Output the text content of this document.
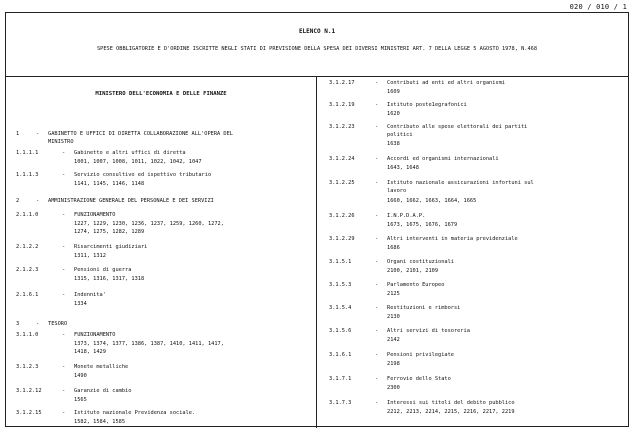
020 / 010 / 1
ELENCO N.1
SPESE OBBLIGATORIE E D'ORDINE ISCRITTE NEGLI STATI DI PREVISIONE DELLA SPESA DEI DIVERSI MINISTERI ART. 7 DELLA LEGGE 5 AGOSTO 1978, N.468
MINISTERO DELL'ECONOMIA E DELLE FINANZE
1	-	GABINETTO E UFFICI DI DIRETTA COLLABORAZIONE ALL'OPERA DEL
MINISTRO
1.1.1.1	-	Gabinetto e altri uffici di diretta
1001, 1007, 1008, 1011, 1022, 1042, 1047
1.1.1.3	-	Servizio consultivo ed ispettivo tributario
1141, 1145, 1146, 1148
2	-	AMMINISTRAZIONE GENERALE DEL PERSONALE E DEI SERVIZI
2.1.1.0	-	FUNZIONAMENTO
1227, 1229, 1230, 1236, 1237, 1259, 1260, 1272,
1274, 1275, 1282, 1289
2.1.2.2	-	Risarcimenti giudiziari
1311, 1312
2.1.2.3	-	Pensioni di guerra
1315, 1316, 1317, 1318
2.1.6.1	-	Indennita'
1334
3	-	TESORO
3.1.1.0	-	FUNZIONAMENTO
1373, 1374, 1377, 1386, 1387, 1410, 1411, 1417,
1418, 1429
3.1.2.3	-	Monete metalliche
1490
3.1.2.12	-	Garanzie di cambio
1565
3.1.2.15	-	Istituto nazionale Previdenza sociale.
1582, 1584, 1585
3.1.2.17	-	Contributi ad enti ed altri organismi
1609
3.1.2.19	-	Istituto poste1egrafonici
1620
3.1.2.23	-	Contributo alle spese elettorali dei partiti
politici
1638
3.1.2.24	-	Accordi ed organismi internazionali
1643, 1648
3.1.2.25	-	Istituto nazionale assicurazioni infortuni sul
lavoro
1660, 1662, 1663, 1664, 1665
3.1.2.26	-	I.N.P.D.A.P.
1673, 1675, 1676, 1679
3.1.2.29	-	Altri interventi in materia previdenziale
1686
3.1.5.1	-	Organi costituzionali
2100, 2101, 2109
3.1.5.3	-	Parlamento Europeo
2125
3.1.5.4	-	Restituzioni e rimborsi
2130
3.1.5.6	-	Altri servizi di tesoreria
2142
3.1.6.1	-	Pensioni privilegiate
2198
3.1.7.1	-	Ferrovie dello Stato
2300
3.1.7.3	-	Interessi sui titoli del debito pubblico
2212, 2213, 2214, 2215, 2216, 2217, 2219
